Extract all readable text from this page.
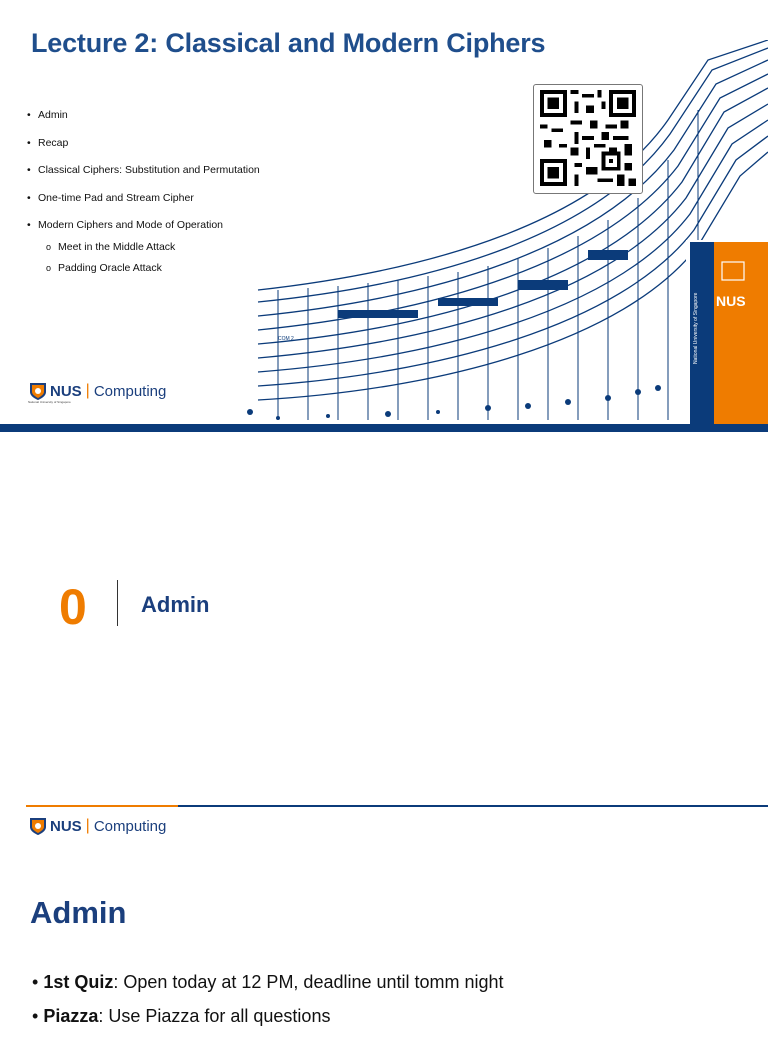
Lecture 2: Classical and Modern Ciphers
• Admin
• Recap
• Classical Ciphers: Substitution and Permutation
• One-time Pad and Stream Cipher
• Modern Ciphers and Mode of Operation
o Meet in the Middle Attack
o Padding Oracle Attack
COM 2
NUS
National University of Singapore
NUS | Computing
National University of Singapore
0 Admin
NUS | Computing
Admin
• 1st Quiz: Open today at 12 PM, deadline until tomm night
• Piazza: Use Piazza for all questions
